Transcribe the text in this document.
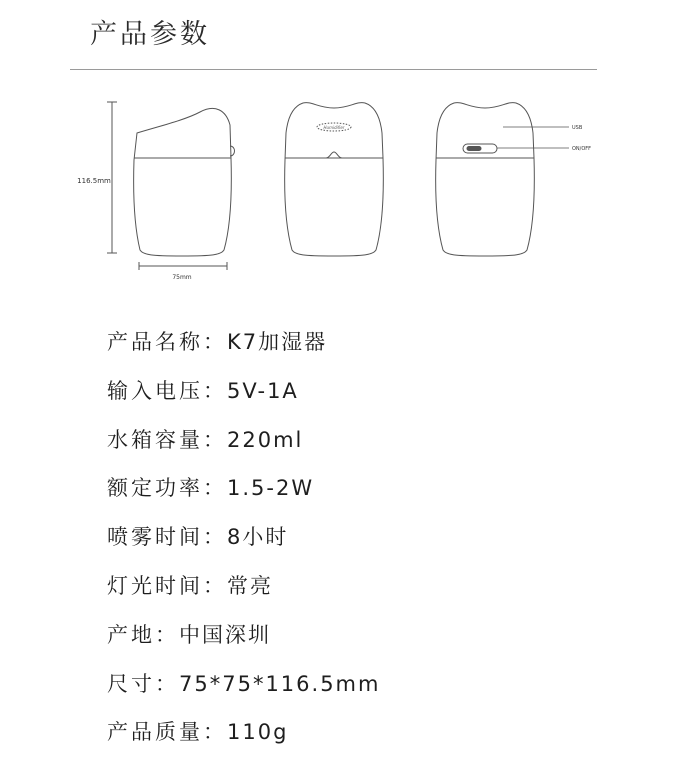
产品参数
116.5mm
75mm
Humidifier	USB
ON/OFF
产品名称：K7加湿器
输入电压：5V-1A
水箱容量：220ml
额定功率：1.5-2W
喷雾时间：8小时
灯光时间：常亮
产地：中国深圳
尺寸：75*75*116.5mm
产品质量：110g
